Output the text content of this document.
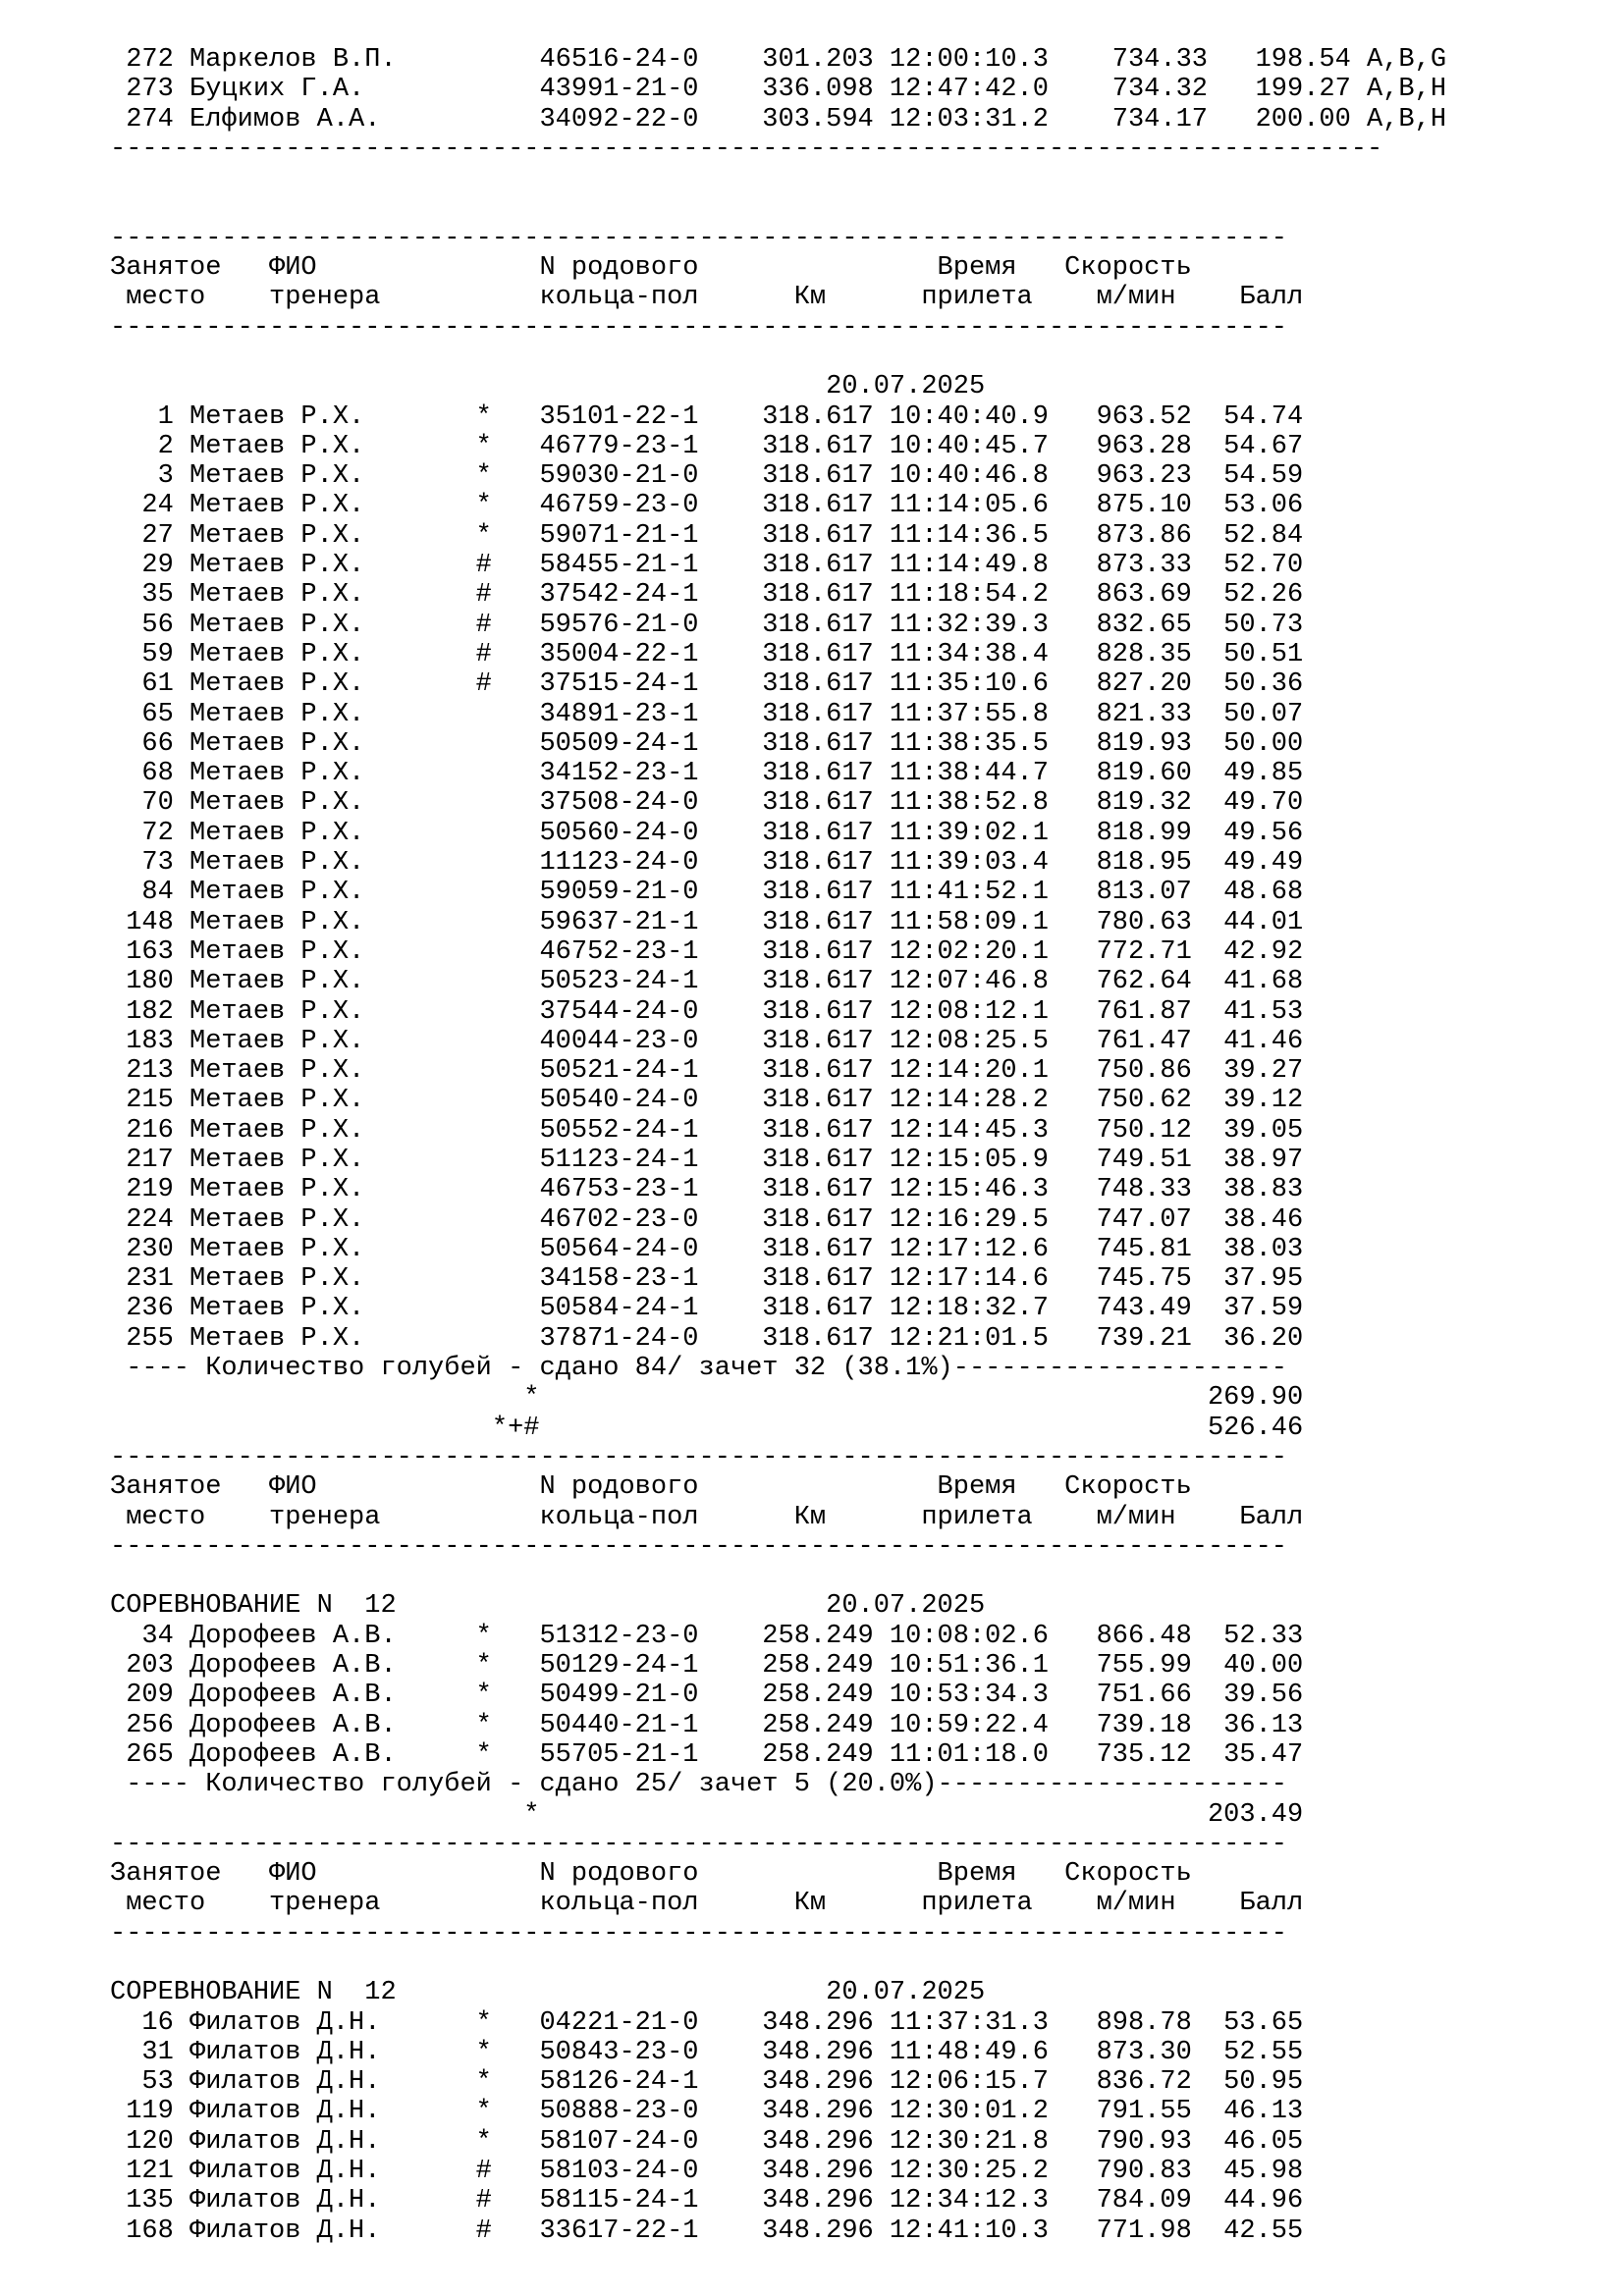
272 Маркелов В.П.         46516-24-0    301.203 12:00:10.3    734.33   198.54 A,B,G
273 Буцких Г.А.           43991-21-0    336.098 12:47:42.0    734.32   199.27 A,B,H
274 Елфимов А.А.          34092-22-0    303.594 12:03:31.2    734.17   200.00 A,B,H
--------------------------------------------------------------------------------
--------------------------------------------------------------------------
Занятое   ФИО              N родового               Время   Скорость
место    тренера          кольца-пол      Км      прилета    м/мин    Балл
--------------------------------------------------------------------------
20.07.2025
1 Метаев Р.Х.       *   35101-22-1    318.617 10:40:40.9   963.52  54.74
2 Метаев Р.Х.       *   46779-23-1    318.617 10:40:45.7   963.28  54.67
3 Метаев Р.Х.       *   59030-21-0    318.617 10:40:46.8   963.23  54.59
24 Метаев Р.Х.       *   46759-23-0    318.617 11:14:05.6   875.10  53.06
27 Метаев Р.Х.       *   59071-21-1    318.617 11:14:36.5   873.86  52.84
29 Метаев Р.Х.       #   58455-21-1    318.617 11:14:49.8   873.33  52.70
35 Метаев Р.Х.       #   37542-24-1    318.617 11:18:54.2   863.69  52.26
56 Метаев Р.Х.       #   59576-21-0    318.617 11:32:39.3   832.65  50.73
59 Метаев Р.Х.       #   35004-22-1    318.617 11:34:38.4   828.35  50.51
61 Метаев Р.Х.       #   37515-24-1    318.617 11:35:10.6   827.20  50.36
65 Метаев Р.Х.           34891-23-1    318.617 11:37:55.8   821.33  50.07
66 Метаев Р.Х.           50509-24-1    318.617 11:38:35.5   819.93  50.00
68 Метаев Р.Х.           34152-23-1    318.617 11:38:44.7   819.60  49.85
70 Метаев Р.Х.           37508-24-0    318.617 11:38:52.8   819.32  49.70
72 Метаев Р.Х.           50560-24-0    318.617 11:39:02.1   818.99  49.56
73 Метаев Р.Х.           11123-24-0    318.617 11:39:03.4   818.95  49.49
84 Метаев Р.Х.           59059-21-0    318.617 11:41:52.1   813.07  48.68
148 Метаев Р.Х.           59637-21-1    318.617 11:58:09.1   780.63  44.01
163 Метаев Р.Х.           46752-23-1    318.617 12:02:20.1   772.71  42.92
180 Метаев Р.Х.           50523-24-1    318.617 12:07:46.8   762.64  41.68
182 Метаев Р.Х.           37544-24-0    318.617 12:08:12.1   761.87  41.53
183 Метаев Р.Х.           40044-23-0    318.617 12:08:25.5   761.47  41.46
213 Метаев Р.Х.           50521-24-1    318.617 12:14:20.1   750.86  39.27
215 Метаев Р.Х.           50540-24-0    318.617 12:14:28.2   750.62  39.12
216 Метаев Р.Х.           50552-24-1    318.617 12:14:45.3   750.12  39.05
217 Метаев Р.Х.           51123-24-1    318.617 12:15:05.9   749.51  38.97
219 Метаев Р.Х.           46753-23-1    318.617 12:15:46.3   748.33  38.83
224 Метаев Р.Х.           46702-23-0    318.617 12:16:29.5   747.07  38.46
230 Метаев Р.Х.           50564-24-0    318.617 12:17:12.6   745.81  38.03
231 Метаев Р.Х.           34158-23-1    318.617 12:17:14.6   745.75  37.95
236 Метаев Р.Х.           50584-24-1    318.617 12:18:32.7   743.49  37.59
255 Метаев Р.Х.           37871-24-0    318.617 12:21:01.5   739.21  36.20
---- Количество голубей - сдано 84/ зачет 32 (38.1%)---------------------
*                                          269.90
*+#                                          526.46
--------------------------------------------------------------------------
Занятое   ФИО              N родового               Время   Скорость
место    тренера          кольца-пол      Км      прилета    м/мин    Балл
--------------------------------------------------------------------------
СОРЕВНОВАНИЕ N  12                           20.07.2025
34 Дорофеев А.В.     *   51312-23-0    258.249 10:08:02.6   866.48  52.33
203 Дорофеев А.В.     *   50129-24-1    258.249 10:51:36.1   755.99  40.00
209 Дорофеев А.В.     *   50499-21-0    258.249 10:53:34.3   751.66  39.56
256 Дорофеев А.В.     *   50440-21-1    258.249 10:59:22.4   739.18  36.13
265 Дорофеев А.В.     *   55705-21-1    258.249 11:01:18.0   735.12  35.47
---- Количество голубей - сдано 25/ зачет 5 (20.0%)----------------------
*                                          203.49
--------------------------------------------------------------------------
Занятое   ФИО              N родового               Время   Скорость
место    тренера          кольца-пол      Км      прилета    м/мин    Балл
--------------------------------------------------------------------------
СОРЕВНОВАНИЕ N  12                           20.07.2025
16 Филатов Д.Н.      *   04221-21-0    348.296 11:37:31.3   898.78  53.65
31 Филатов Д.Н.      *   50843-23-0    348.296 11:48:49.6   873.30  52.55
53 Филатов Д.Н.      *   58126-24-1    348.296 12:06:15.7   836.72  50.95
119 Филатов Д.Н.      *   50888-23-0    348.296 12:30:01.2   791.55  46.13
120 Филатов Д.Н.      *   58107-24-0    348.296 12:30:21.8   790.93  46.05
121 Филатов Д.Н.      #   58103-24-0    348.296 12:30:25.2   790.83  45.98
135 Филатов Д.Н.      #   58115-24-1    348.296 12:34:12.3   784.09  44.96
168 Филатов Д.Н.      #   33617-22-1    348.296 12:41:10.3   771.98  42.55
